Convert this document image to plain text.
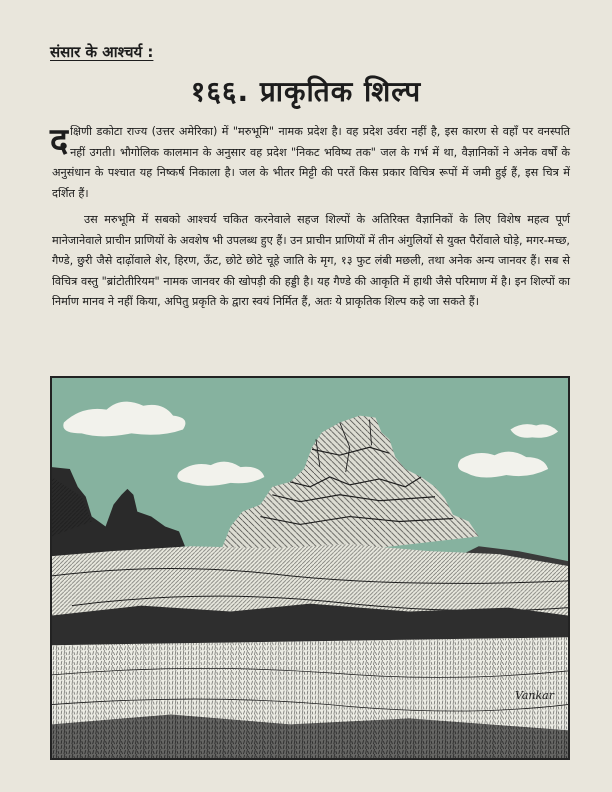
संसार के आश्चर्य :
१६६. प्राकृतिक शिल्प

दक्षिणी डकोटा राज्य (उत्तर अमेरिका) में "मरुभूमि" नामक प्रदेश है। वह प्रदेश उर्वरा नहीं है, इस कारण से वहाँ पर वनस्पति नहीं उगती। भौगोलिक कालमान के अनुसार वह प्रदेश "निकट भविष्य तक" जल के गर्भ में था, वैज्ञानिकों ने अनेक वर्षों के अनुसंधान के पश्चात यह निष्कर्ष निकाला है। जल के भीतर मिट्टी की परतें किस प्रकार विचित्र रूपों में जमी हुई हैं, इस चित्र में दर्शित हैं।

उस मरुभूमि में सबको आश्चर्य चकित करनेवाले सहज शिल्पों के अतिरिक्त वैज्ञानिकों के लिए विशेष महत्व पूर्ण मानेजानेवाले प्राचीन प्राणियों के अवशेष भी उपलब्ध हुए हैं। उन प्राचीन प्राणियों में तीन अंगुलियों से युक्त पैरोंवाले घोड़े, मगर-मच्छ, गैण्डे, छुरी जैसे दाढ़ोंवाले शेर, हिरण, ऊँट, छोटे छोटे चूहे जाति के मृग, १३ फुट लंबी मछली, तथा अनेक अन्य जानवर हैं। सब से विचित्र वस्तु "ब्रांटोतीरियम" नामक जानवर की खोपड़ी की हड्डी है। यह गैण्डे की आकृति में हाथी जैसे परिमाण में है। इन शिल्पों का निर्माण मानव ने नहीं किया, अपितु प्रकृति के द्वारा स्वयं निर्मित हैं, अतः ये प्राकृतिक शिल्प कहे जा सकते हैं।

Vankar
